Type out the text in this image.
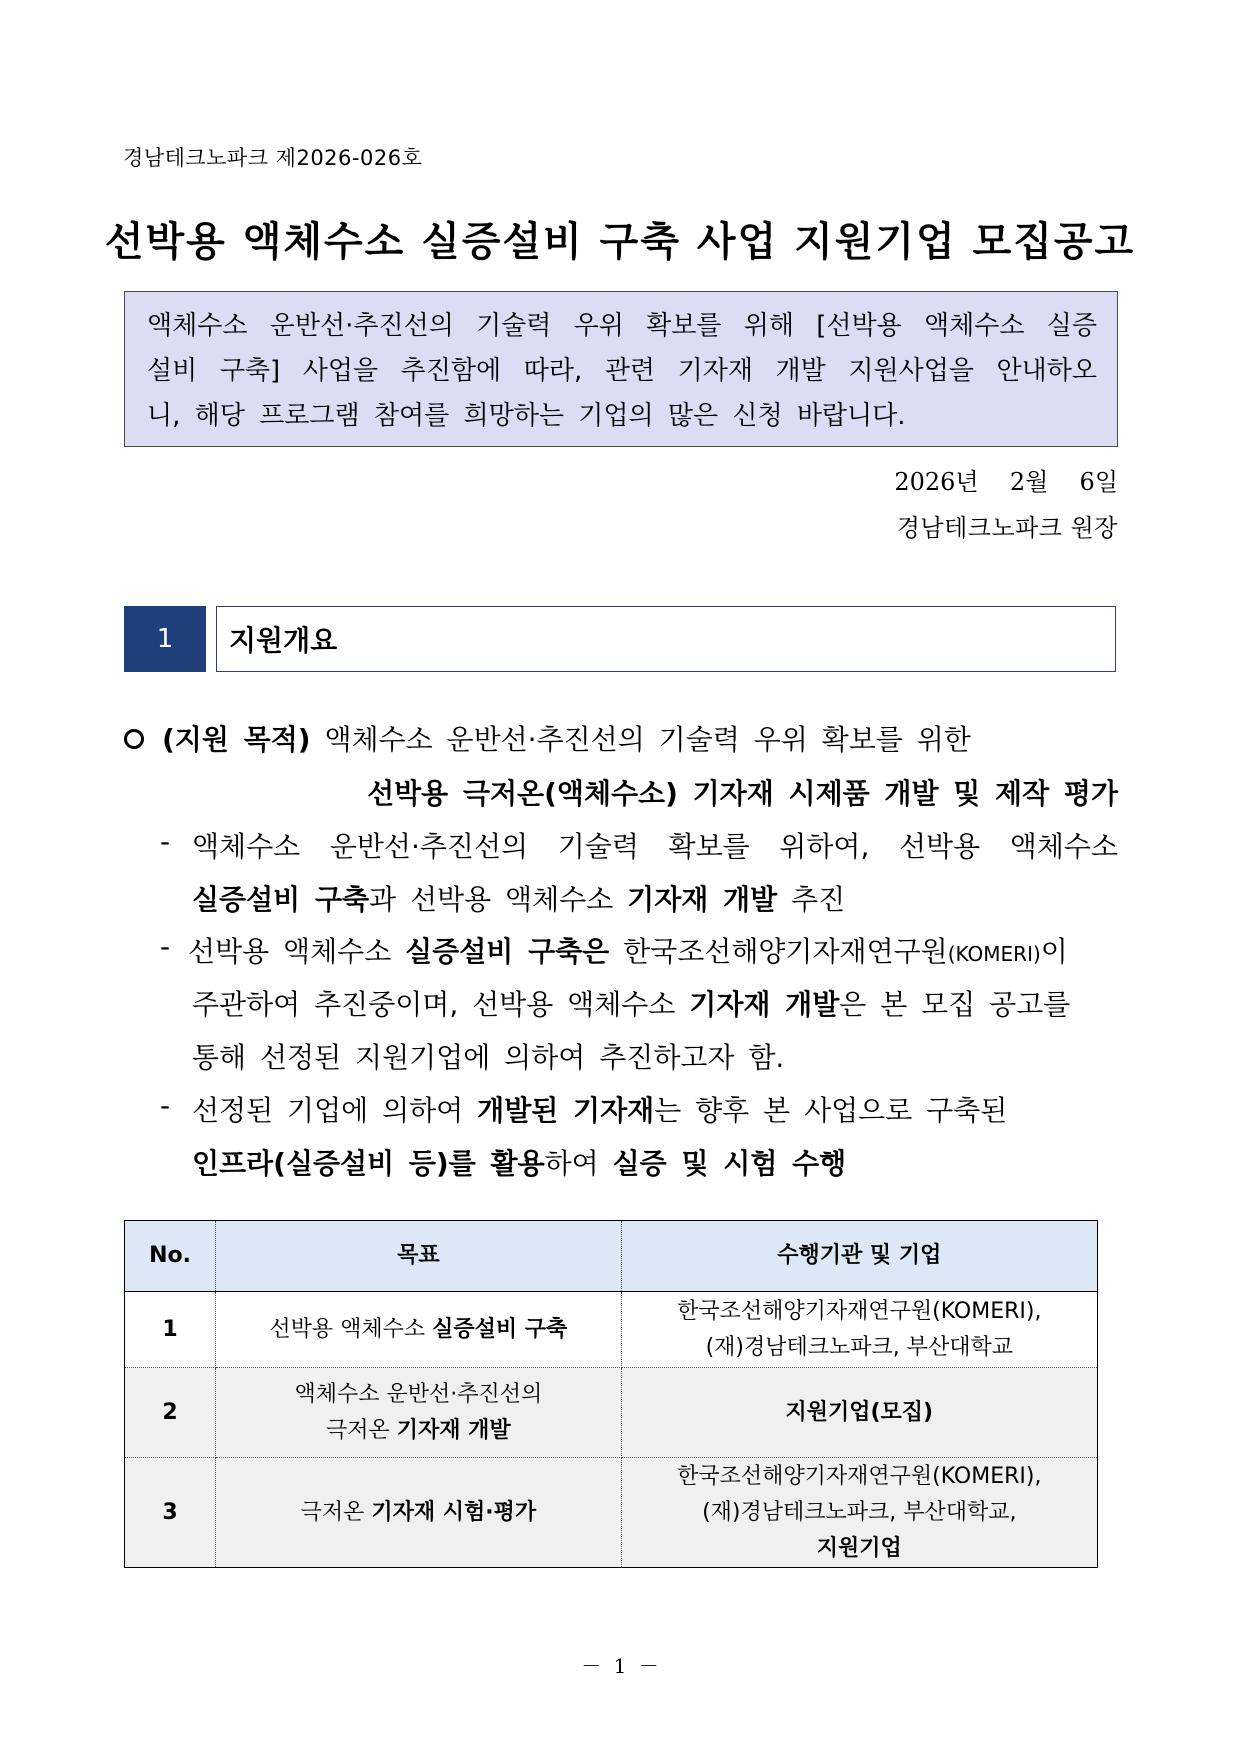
경남테크노파크 제2026-026호
선박용 액체수소 실증설비 구축 사업 지원기업 모집공고
액체수소 운반선·추진선의 기술력 우위 확보를 위해 [선박용 액체수소 실증
설비 구축] 사업을 추진함에 따라, 관련 기자재 개발 지원사업을 안내하오
니, 해당 프로그램 참여를 희망하는 기업의 많은 신청 바랍니다.
2026년  2월  6일
경남테크노파크 원장
1	지원개요
(지원 목적) 액체수소 운반선·추진선의 기술력 우위 확보를 위한
선박용 극저온(액체수소) 기자재 시제품 개발 및 제작 평가
- 액체수소 운반선·추진선의 기술력 확보를 위하여, 선박용 액체수소
실증설비 구축과 선박용 액체수소 기자재 개발 추진
- 선박용 액체수소 실증설비 구축은 한국조선해양기자재연구원(KOMERI)이
주관하여 추진중이며, 선박용 액체수소 기자재 개발은 본 모집 공고를
통해 선정된 지원기업에 의하여 추진하고자 함.
- 선정된 기업에 의하여 개발된 기자재는 향후 본 사업으로 구축된
인프라(실증설비 등)를 활용하여 실증 및 시험 수행
No.	목표	수행기관 및 기업
1	선박용 액체수소 실증설비 구축	한국조선해양기자재연구원(KOMERI),
(재)경남테크노파크, 부산대학교

2	액체수소 운반선·추진선의
극저온 기자재 개발	지원기업(모집)
3	극저온 기자재 시험·평가	한국조선해양기자재연구원(KOMERI),
(재)경남테크노파크, 부산대학교,
지원기업
－ 1 －
